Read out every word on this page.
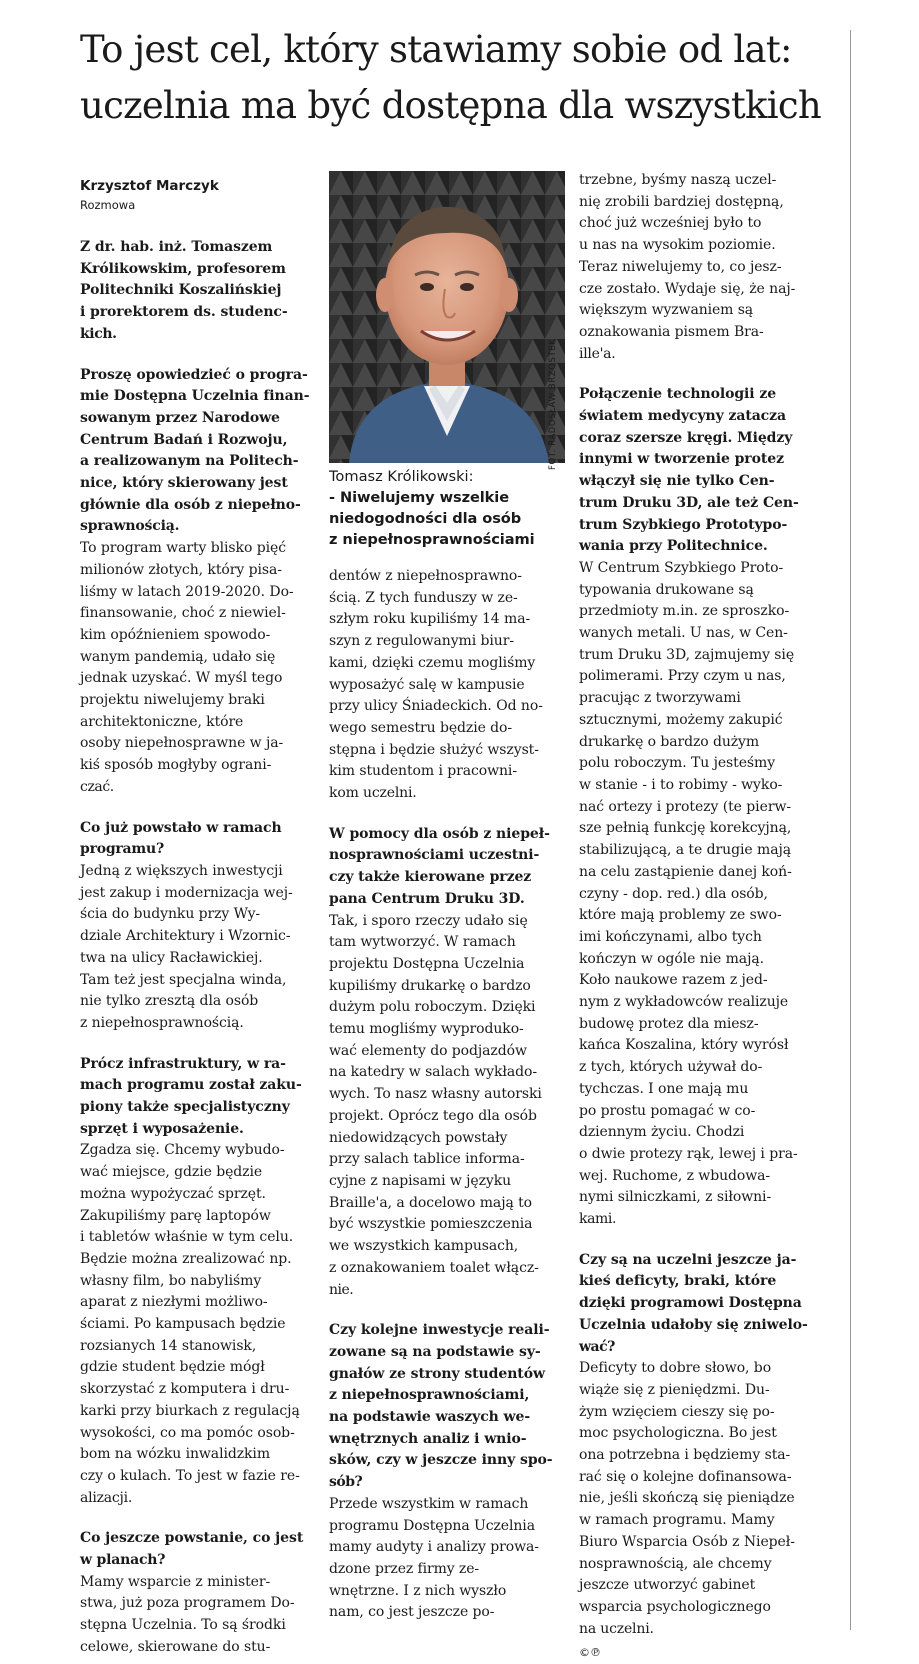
To jest cel, który stawiamy sobie od lat:
uczelnia ma być dostępna dla wszystkich
Krzysztof Marczyk
Rozmowa

Z dr. hab. inż. Tomaszem
Królikowskim, profesorem
Politechniki Koszalińskiej
i prorektorem ds. studenc-
kich.

Proszę opowiedzieć o progra-
mie Dostępna Uczelnia finan-
sowanym przez Narodowe
Centrum Badań i Rozwoju,
a realizowanym na Politech-
nice, który skierowany jest
głównie dla osób z niepełno-
sprawnością.

To program warty blisko pięć
milionów złotych, który pisa-
liśmy w latach 2019-2020. Do-
finansowanie, choć z niewiel-
kim opóźnieniem spowodo-
wanym pandemią, udało się
jednak uzyskać. W myśl tego
projektu niwelujemy braki
architektoniczne, które
osoby niepełnosprawne w ja-
kiś sposób mogłyby ograni-
czać.

Co już powstało w ramach
programu?

Jedną z większych inwestycji
jest zakup i modernizacja wej-
ścia do budynku przy Wy-
dziale Architektury i Wzornic-
twa na ulicy Racławickiej.
Tam też jest specjalna winda,
nie tylko zresztą dla osób
z niepełnosprawnością.

Prócz infrastruktury, w ra-
mach programu został zaku-
piony także specjalistyczny
sprzęt i wyposażenie.

Zgadza się. Chcemy wybudo-
wać miejsce, gdzie będzie
można wypożyczać sprzęt.
Zakupiliśmy parę laptopów
i tabletów właśnie w tym celu.
Będzie można zrealizować np.
własny film, bo nabyliśmy
aparat z niezłymi możliwo-
ściami. Po kampusach będzie
rozsianych 14 stanowisk,
gdzie student będzie mógł
skorzystać z komputera i dru-
karki przy biurkach z regulacją
wysokości, co ma pomóc osob-
bom na wózku inwalidzkim
czy o kulach. To jest w fazie re-
alizacji.

Co jeszcze powstanie, co jest
w planach?

Mamy wsparcie z minister-
stwa, już poza programem Do-
stępna Uczelnia. To są środki
celowe, skierowane do stu-

FOT. RADOSŁAW BRZOSTEK
Tomasz Królikowski:
- Niwelujemy wszelkie
niedogodności dla osób
z niepełnosprawnościami

dentów z niepełnosprawno-
ścią. Z tych funduszy w ze-
szłym roku kupiliśmy 14 ma-
szyn z regulowanymi biur-
kami, dzięki czemu mogliśmy
wyposażyć salę w kampusie
przy ulicy Śniadeckich. Od no-
wego semestru będzie do-
stępna i będzie służyć wszyst-
kim studentom i pracowni-
kom uczelni.

W pomocy dla osób z niepeł-
nosprawnościami uczestni-
czy także kierowane przez
pana Centrum Druku 3D.

Tak, i sporo rzeczy udało się
tam wytworzyć. W ramach
projektu Dostępna Uczelnia
kupiliśmy drukarkę o bardzo
dużym polu roboczym. Dzięki
temu mogliśmy wyproduko-
wać elementy do podjazdów
na katedry w salach wykłado-
wych. To nasz własny autorski
projekt. Oprócz tego dla osób
niedowidzących powstały
przy salach tablice informa-
cyjne z napisami w języku
Braille'a, a docelowo mają to
być wszystkie pomieszczenia
we wszystkich kampusach,
z oznakowaniem toalet włącz-
nie.

Czy kolejne inwestycje reali-
zowane są na podstawie sy-
gnałów ze strony studentów
z niepełnosprawnościami,
na podstawie waszych we-
wnętrznych analiz i wnio-
sków, czy w jeszcze inny spo-
sób?

Przede wszystkim w ramach
programu Dostępna Uczelnia
mamy audyty i analizy prowa-
dzone przez firmy ze-
wnętrzne. I z nich wyszło
nam, co jest jeszcze po-

trzebne, byśmy naszą uczel-
nię zrobili bardziej dostępną,
choć już wcześniej było to
u nas na wysokim poziomie.
Teraz niwelujemy to, co jesz-
cze zostało. Wydaje się, że naj-
większym wyzwaniem są
oznakowania pismem Bra-
ille'a.

Połączenie technologii ze
światem medycyny zatacza
coraz szersze kręgi. Między
innymi w tworzenie protez
włączył się nie tylko Cen-
trum Druku 3D, ale też Cen-
trum Szybkiego Prototypo-
wania przy Politechnice.

W Centrum Szybkiego Proto-
typowania drukowane są
przedmioty m.in. ze sproszko-
wanych metali. U nas, w Cen-
trum Druku 3D, zajmujemy się
polimerami. Przy czym u nas,
pracując z tworzywami
sztucznymi, możemy zakupić
drukarkę o bardzo dużym
polu roboczym. Tu jesteśmy
w stanie - i to robimy - wyko-
nać ortezy i protezy (te pierw-
sze pełnią funkcję korekcyjną,
stabilizującą, a te drugie mają
na celu zastąpienie danej koń-
czyny - dop. red.) dla osób,
które mają problemy ze swo-
imi kończynami, albo tych
kończyn w ogóle nie mają.
Koło naukowe razem z jed-
nym z wykładowców realizuje
budowę protez dla miesz-
kańca Koszalina, który wyrósł
z tych, których używał do-
tychczas. I one mają mu
po prostu pomagać w co-
dziennym życiu. Chodzi
o dwie protezy rąk, lewej i pra-
wej. Ruchome, z wbudowa-
nymi silniczkami, z siłowni-
kami.

Czy są na uczelni jeszcze ja-
kieś deficyty, braki, które
dzięki programowi Dostępna
Uczelnia udałoby się zniwelo-
wać?

Deficyty to dobre słowo, bo
wiąże się z pieniędzmi. Du-
żym wzięciem cieszy się po-
moc psychologiczna. Bo jest
ona potrzebna i będziemy sta-
rać się o kolejne dofinansowa-
nie, jeśli skończą się pieniądze
w ramach programu. Mamy
Biuro Wsparcia Osób z Niepeł-
nosprawnością, ale chcemy
jeszcze utworzyć gabinet
wsparcia psychologicznego
na uczelni.

©℗
